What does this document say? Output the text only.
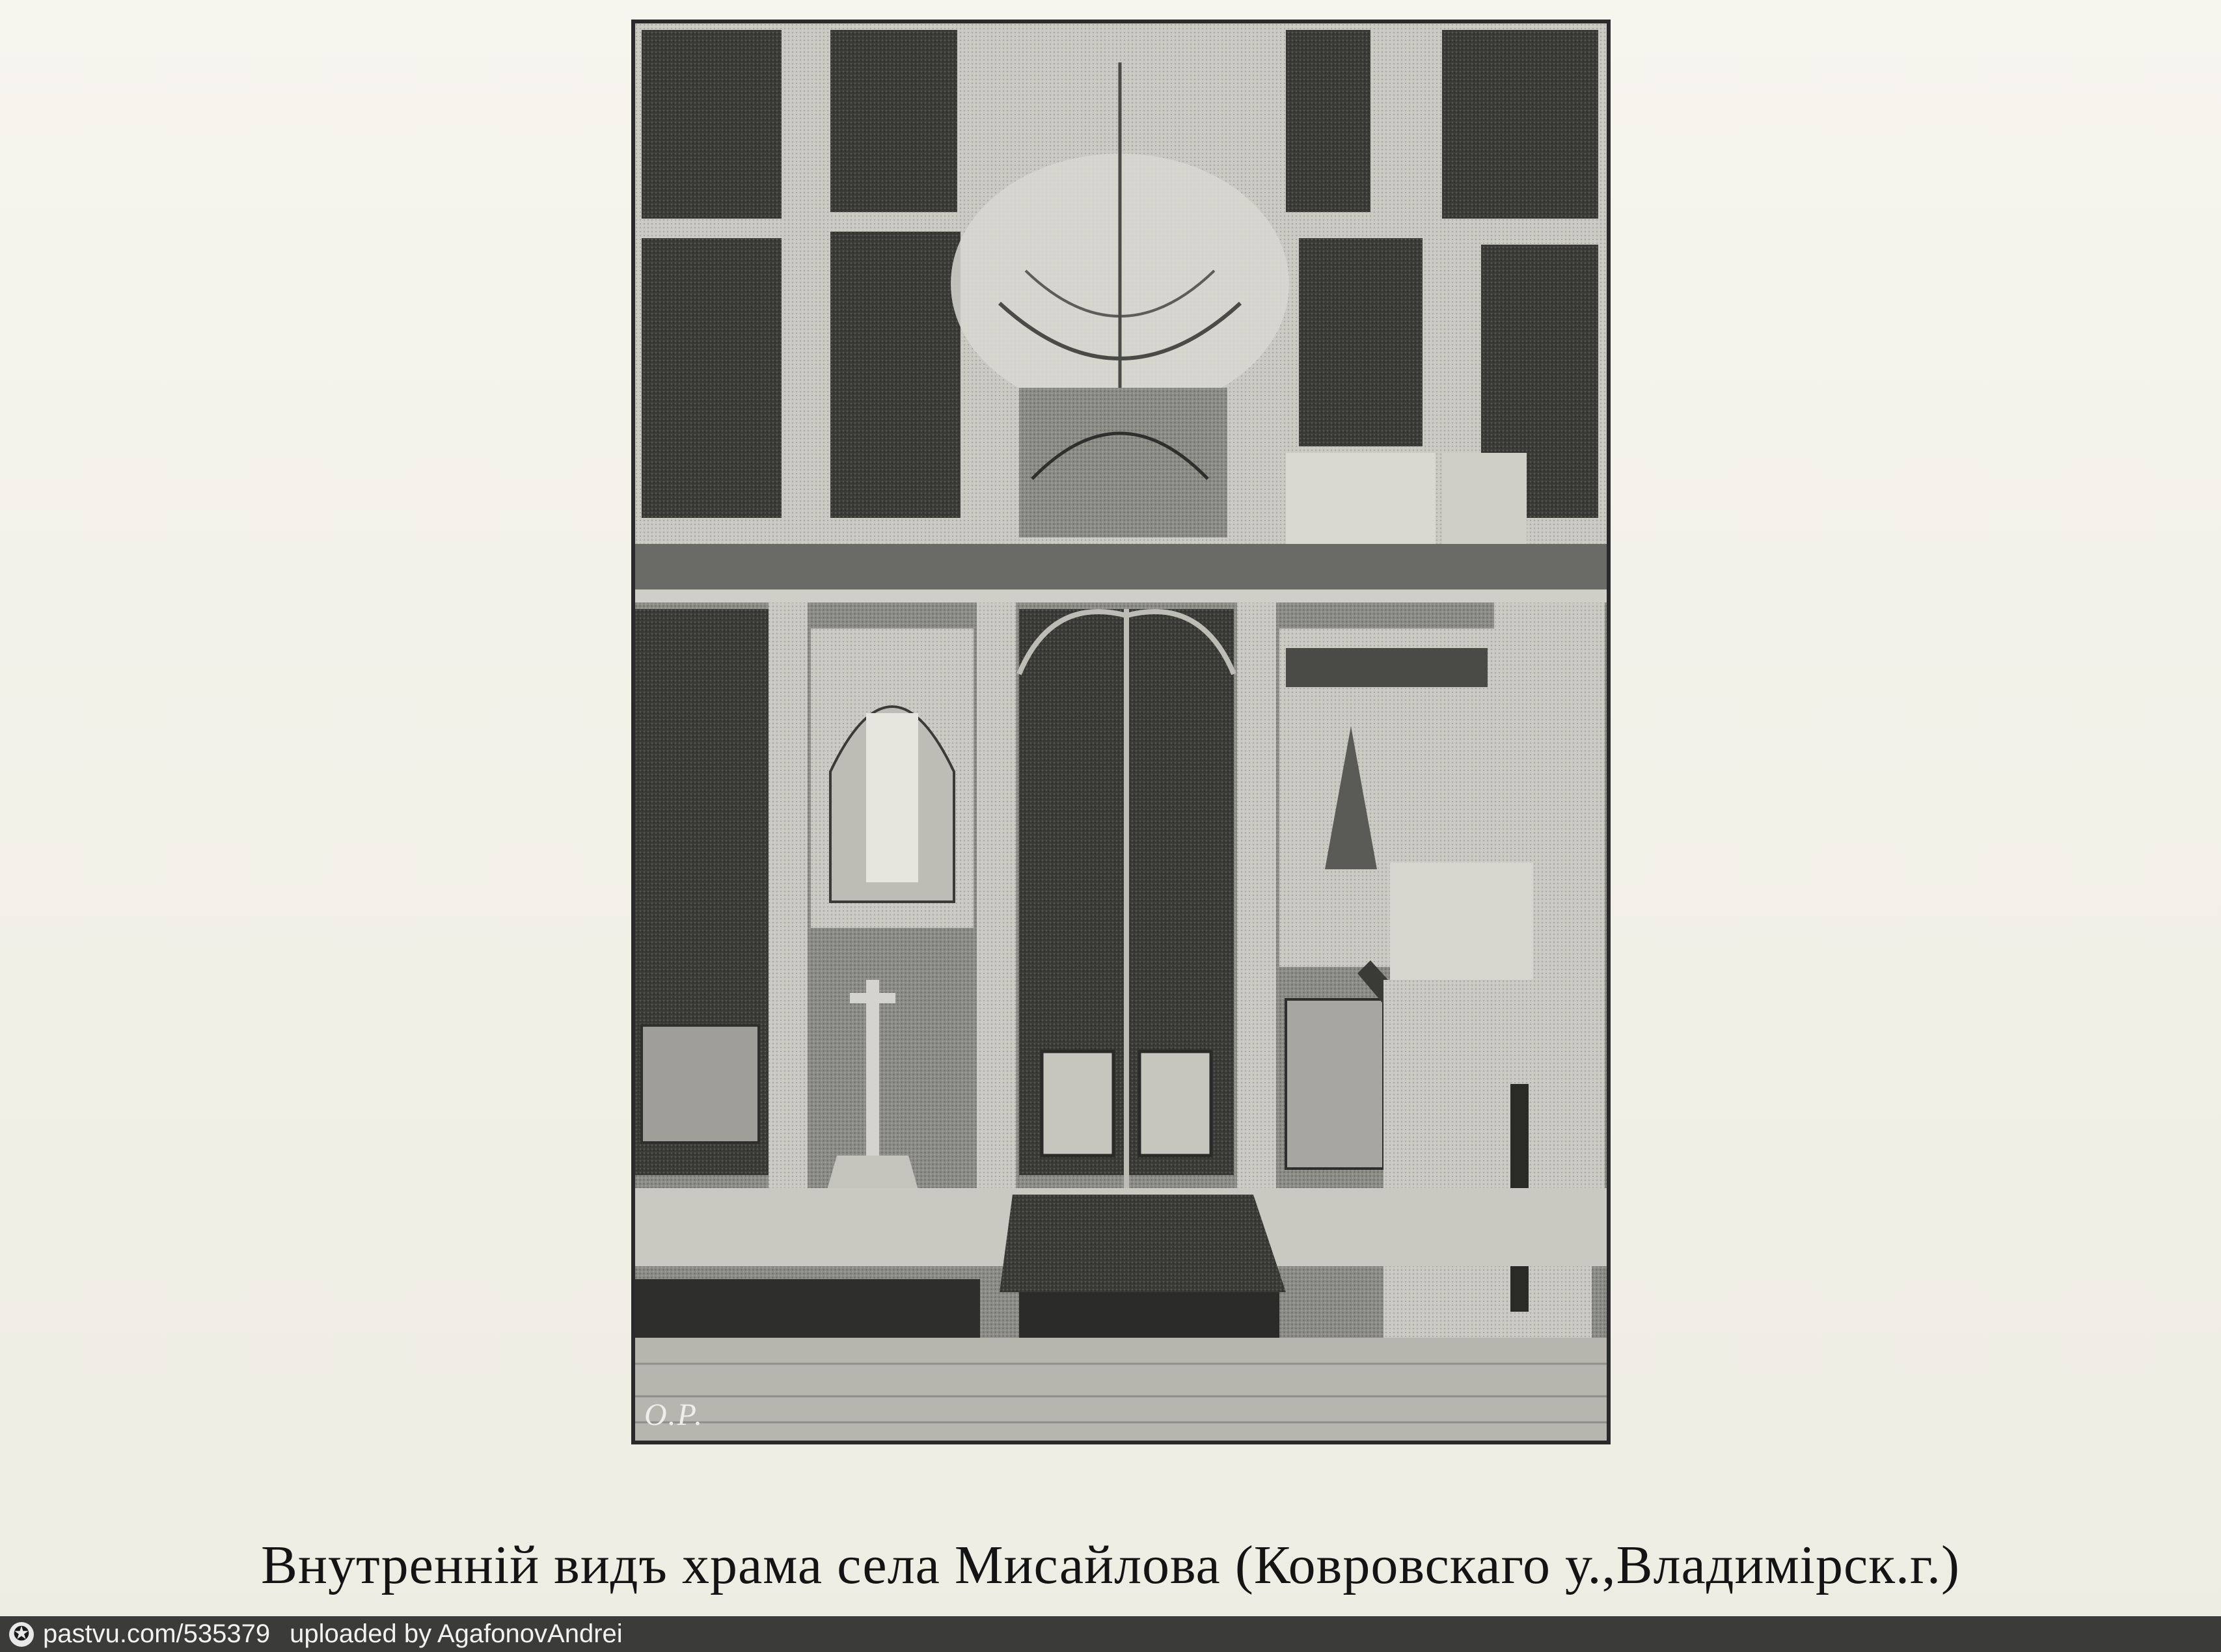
О.Р.
Внутренній видъ храма села Мисайлова (Ковровскаго у.,Владимірск.г.)
✪ pastvu.com/535379 uploaded by AgafonovAndrei
